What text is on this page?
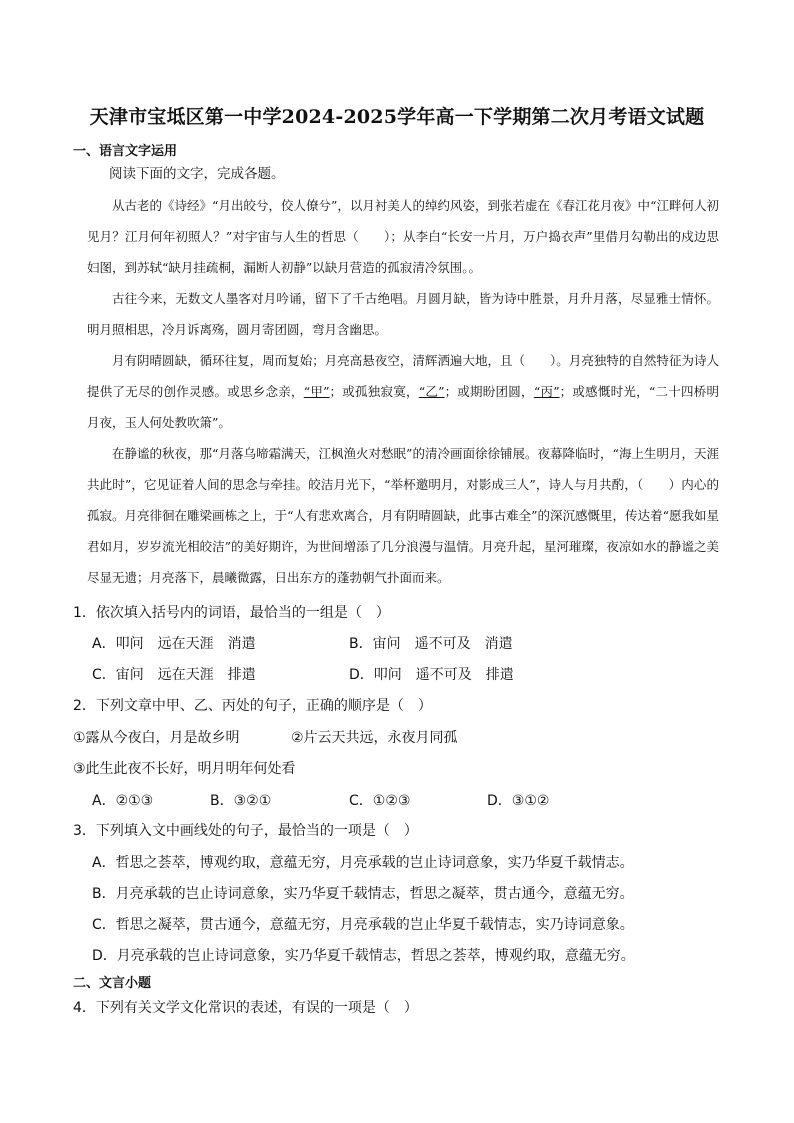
天津市宝坻区第一中学2024-2025学年高一下学期第二次月考语文试题
一、语言文字运用

阅读下面的文字，完成各题。

从古老的《诗经》“月出皎兮，佼人僚兮”，以月衬美人的绰约风姿，到张若虚在《春江花月夜》中“江畔何人初见月？江月何年初照人？”对宇宙与人生的哲思（　　）；从李白“长安一片月，万户捣衣声”里借月勾勒出的戍边思妇图，到苏轼“缺月挂疏桐，漏断人初静”以缺月营造的孤寂清冷氛围。。

古往今来，无数文人墨客对月吟诵，留下了千古绝唱。月圆月缺，皆为诗中胜景，月升月落，尽显雅士情怀。明月照相思，冷月诉离殇，圆月寄团圆，弯月含幽思。

月有阴晴圆缺，循环往复，周而复始；月亮高悬夜空，清辉洒遍大地，且（　　）。月亮独特的自然特征为诗人提供了无尽的创作灵感。或思乡念亲，“甲”；或孤独寂寞，“乙”；或期盼团圆，“丙”；或感慨时光，“二十四桥明月夜，玉人何处教吹箫”。

在静谧的秋夜，那“月落乌啼霜满天，江枫渔火对愁眠”的清冷画面徐徐铺展。夜幕降临时，“海上生明月，天涯共此时”，它见证着人间的思念与牵挂。皎洁月光下，“举杯邀明月，对影成三人”，诗人与月共酌，（　　）内心的孤寂。月亮徘徊在雕梁画栋之上，于“人有悲欢离合，月有阴晴圆缺，此事古难全”的深沉感慨里，传达着“愿我如星君如月，岁岁流光相皎洁”的美好期许，为世间增添了几分浪漫与温情。月亮升起，星河璀璨，夜凉如水的静谧之美尽显无遗；月亮落下，晨曦微露，日出东方的蓬勃朝气扑面而来。

1．依次填入括号内的词语，最恰当的一组是（　）

A．叩问　远在天涯　消遣	B．宙问　遥不可及　消遣

C．宙问　远在天涯　排遣	D．叩问　遥不可及　排遣

2．下列文章中甲、乙、丙处的句子，正确的顺序是（　）

①露从今夜白，月是故乡明	②片云天共远，永夜月同孤

③此生此夜不长好，明月明年何处看

A．②①③	B．③②①	C．①②③	D．③①②

3．下列填入文中画线处的句子，最恰当的一项是（　）

A．哲思之荟萃，博观约取，意蕴无穷，月亮承载的岂止诗词意象，实乃华夏千载情志。

B．月亮承载的岂止诗词意象，实乃华夏千载情志，哲思之凝萃，贯古通今，意蕴无穷。

C．哲思之凝萃，贯古通今，意蕴无穷，月亮承载的岂止华夏千载情志，实乃诗词意象。

D．月亮承载的岂止诗词意象，实乃华夏千载情志，哲思之荟萃，博观约取，意蕴无穷。

二、文言小题

4．下列有关文学文化常识的表述，有误的一项是（　）
